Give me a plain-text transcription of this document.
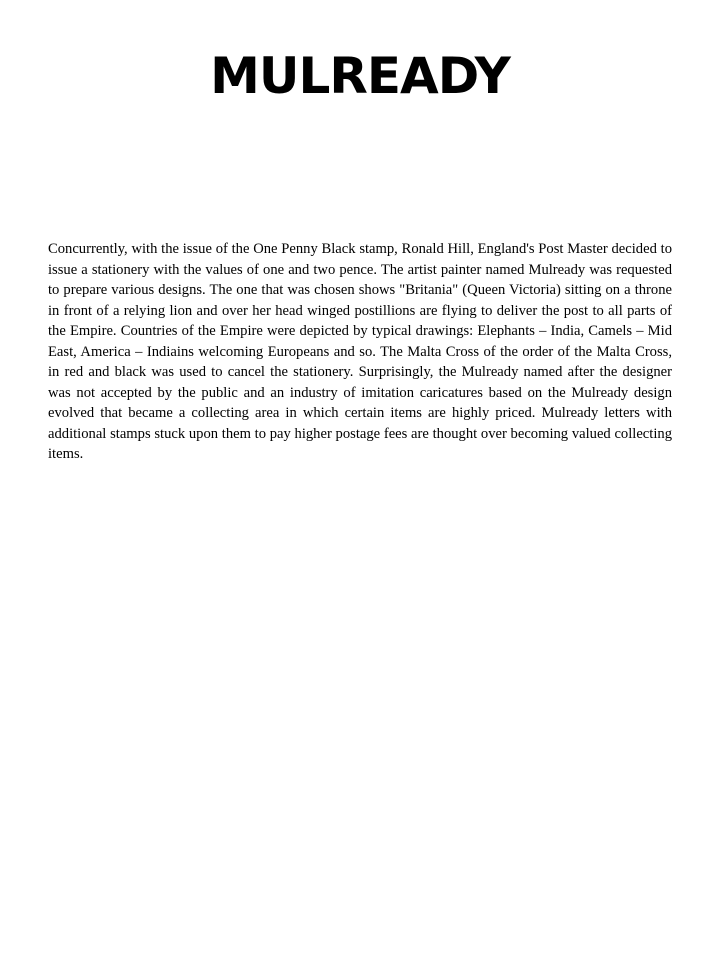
MULREADY

Concurrently, with the issue of the One Penny Black stamp, Ronald Hill, England's Post Master decided to issue a stationery with the values of one and two pence. The artist painter named Mulready was requested to prepare various designs. The one that was chosen shows "Britania" (Queen Victoria) sitting on a throne in front of a relying lion and over her head winged postillions are flying to deliver the post to all parts of the Empire. Countries of the Empire were depicted by typical drawings: Elephants – India, Camels – Mid East, America – Indiains welcoming Europeans and so. The Malta Cross of the order of the Malta Cross, in red and black was used to cancel the stationery. Surprisingly, the Mulready named after the designer was not accepted by the public and an industry of imitation caricatures based on the Mulready design evolved that became a collecting area in which certain items are highly priced. Mulready letters with additional stamps stuck upon them to pay higher postage fees are thought over becoming valued collecting items.
